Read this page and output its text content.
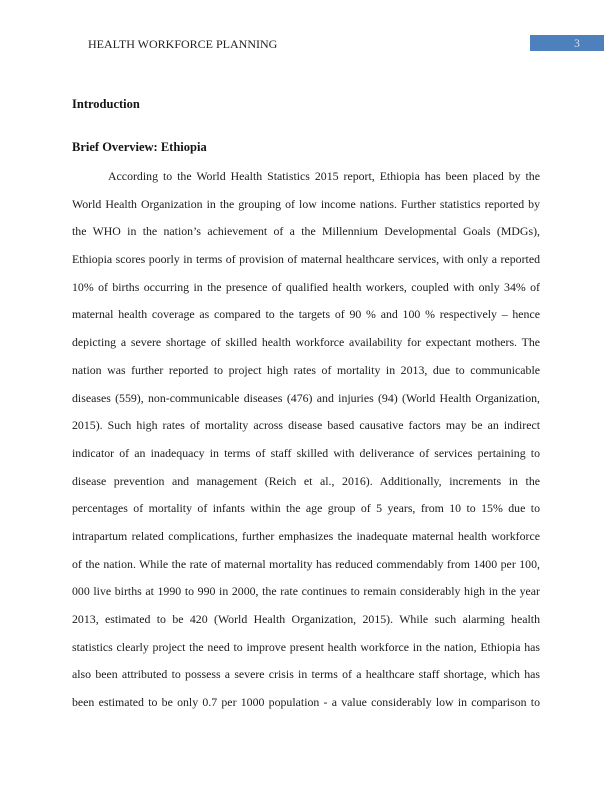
HEALTH WORKFORCE PLANNING	3
Introduction
Brief Overview: Ethiopia
According to the World Health Statistics 2015 report, Ethiopia has been placed by the
World Health Organization in the grouping of low income nations. Further statistics reported by
the WHO in the nation’s achievement of a the Millennium Developmental Goals (MDGs),
Ethiopia scores poorly in terms of provision of maternal healthcare services, with only a reported
10% of births occurring in the presence of qualified health workers, coupled with only 34% of
maternal health coverage as compared to the targets of 90 % and 100 % respectively – hence
depicting a severe shortage of skilled health workforce availability for expectant mothers. The
nation was further reported to project high rates of mortality in 2013, due to communicable
diseases (559), non-communicable diseases (476) and injuries (94) (World Health Organization,
2015). Such high rates of mortality across disease based causative factors may be an indirect
indicator of an inadequacy in terms of staff skilled with deliverance of services pertaining to
disease prevention and management (Reich et al., 2016). Additionally, increments in the
percentages of mortality of infants within the age group of 5 years, from 10 to 15% due to
intrapartum related complications, further emphasizes the inadequate maternal health workforce
of the nation. While the rate of maternal mortality has reduced commendably from 1400 per 100,
000 live births at 1990 to 990 in 2000, the rate continues to remain considerably high in the year
2013, estimated to be 420 (World Health Organization, 2015). While such alarming health
statistics clearly project the need to improve present health workforce in the nation, Ethiopia has
also been attributed to possess a severe crisis in terms of a healthcare staff shortage, which has
been estimated to be only 0.7 per 1000 population - a value considerably low in comparison to
